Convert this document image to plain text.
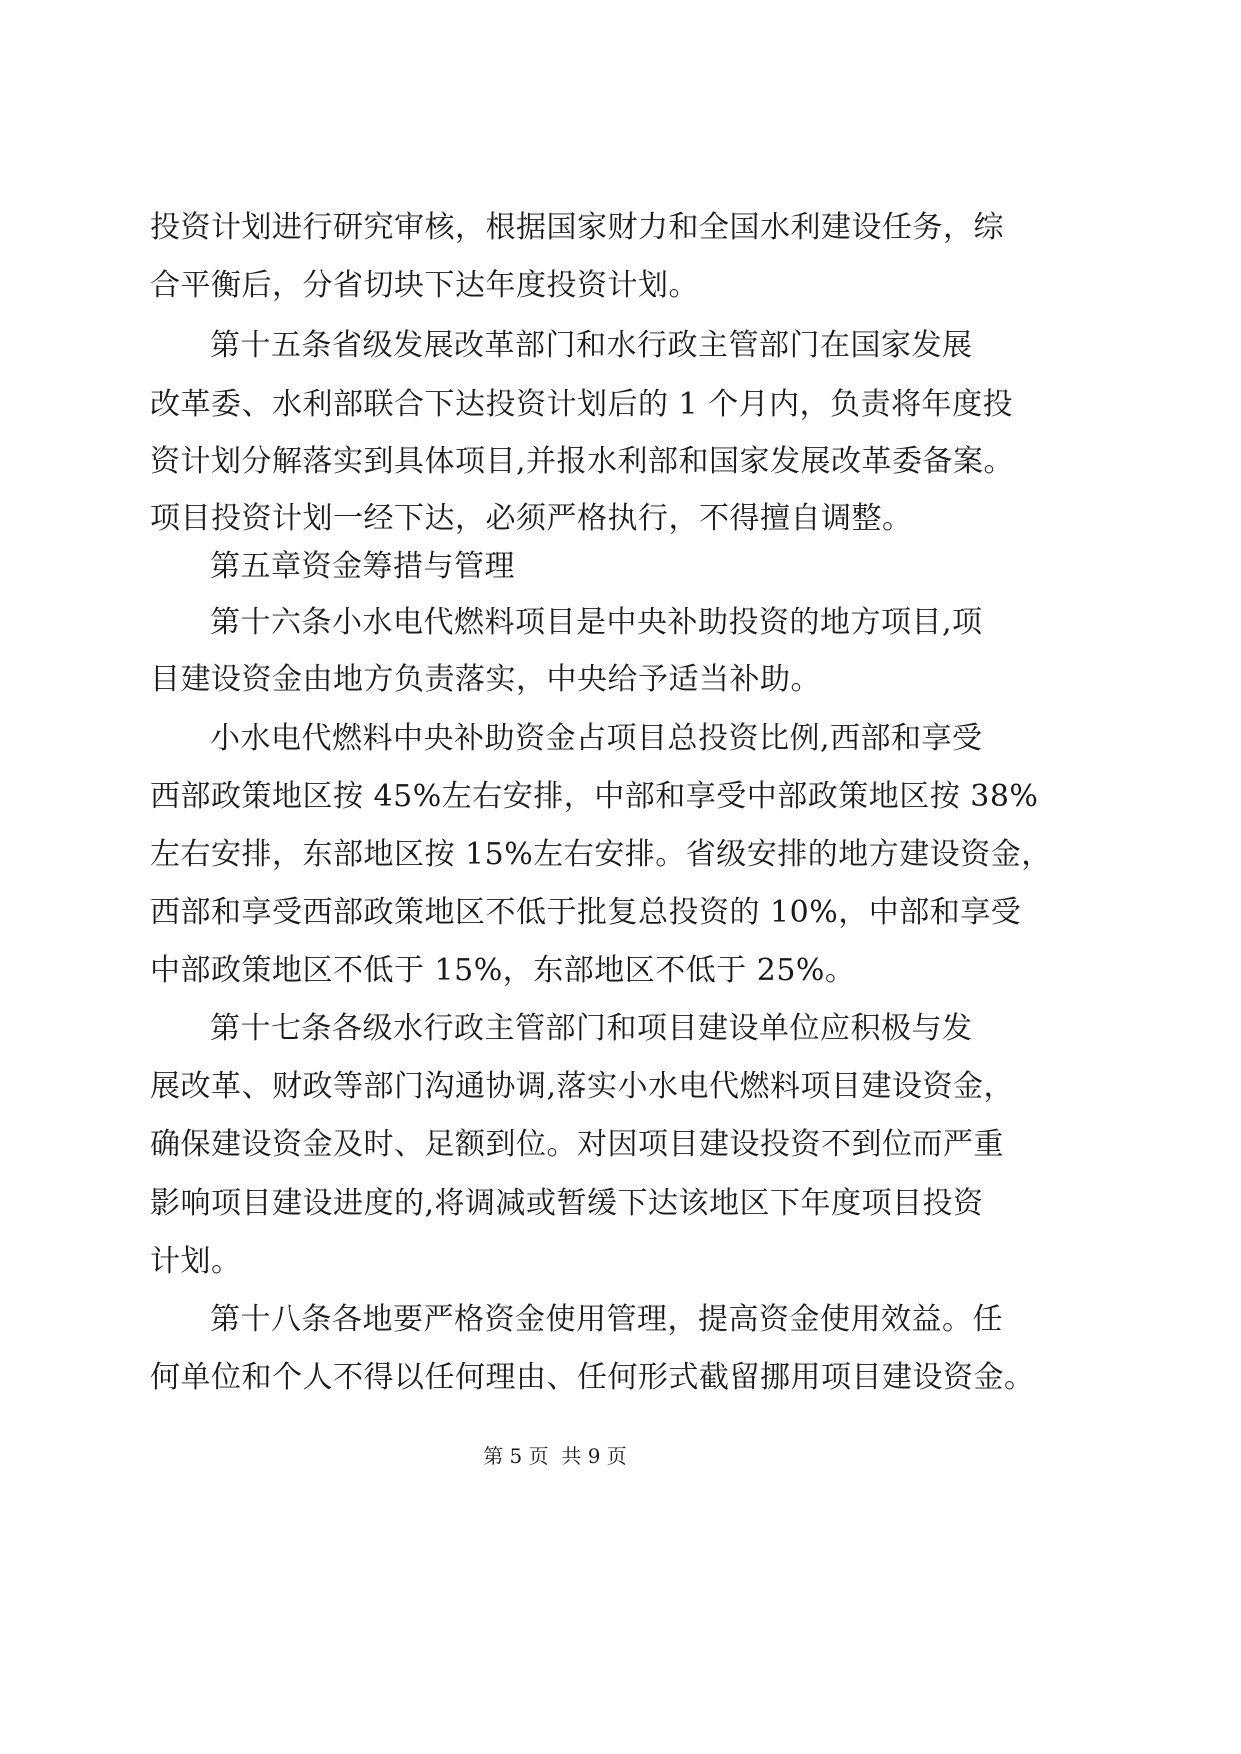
投资计划进行研究审核，根据国家财力和全国水利建设任务，综
合平衡后，分省切块下达年度投资计划。
第十五条省级发展改革部门和水行政主管部门在国家发展
改革委、水利部联合下达投资计划后的 1 个月内，负责将年度投
资计划分解落实到具体项目,并报水利部和国家发展改革委备案。
项目投资计划一经下达，必须严格执行，不得擅自调整。
第五章资金筹措与管理
第十六条小水电代燃料项目是中央补助投资的地方项目,项
目建设资金由地方负责落实，中央给予适当补助。
小水电代燃料中央补助资金占项目总投资比例,西部和享受
西部政策地区按 45%左右安排，中部和享受中部政策地区按 38%
左右安排，东部地区按 15%左右安排。省级安排的地方建设资金，
西部和享受西部政策地区不低于批复总投资的 10%，中部和享受
中部政策地区不低于 15%，东部地区不低于 25%。
第十七条各级水行政主管部门和项目建设单位应积极与发
展改革、财政等部门沟通协调,落实小水电代燃料项目建设资金，
确保建设资金及时、足额到位。对因项目建设投资不到位而严重
影响项目建设进度的,将调减或暂缓下达该地区下年度项目投资
计划。
第十八条各地要严格资金使用管理，提高资金使用效益。任
何单位和个人不得以任何理由、任何形式截留挪用项目建设资金。
第 5 页  共 9 页
